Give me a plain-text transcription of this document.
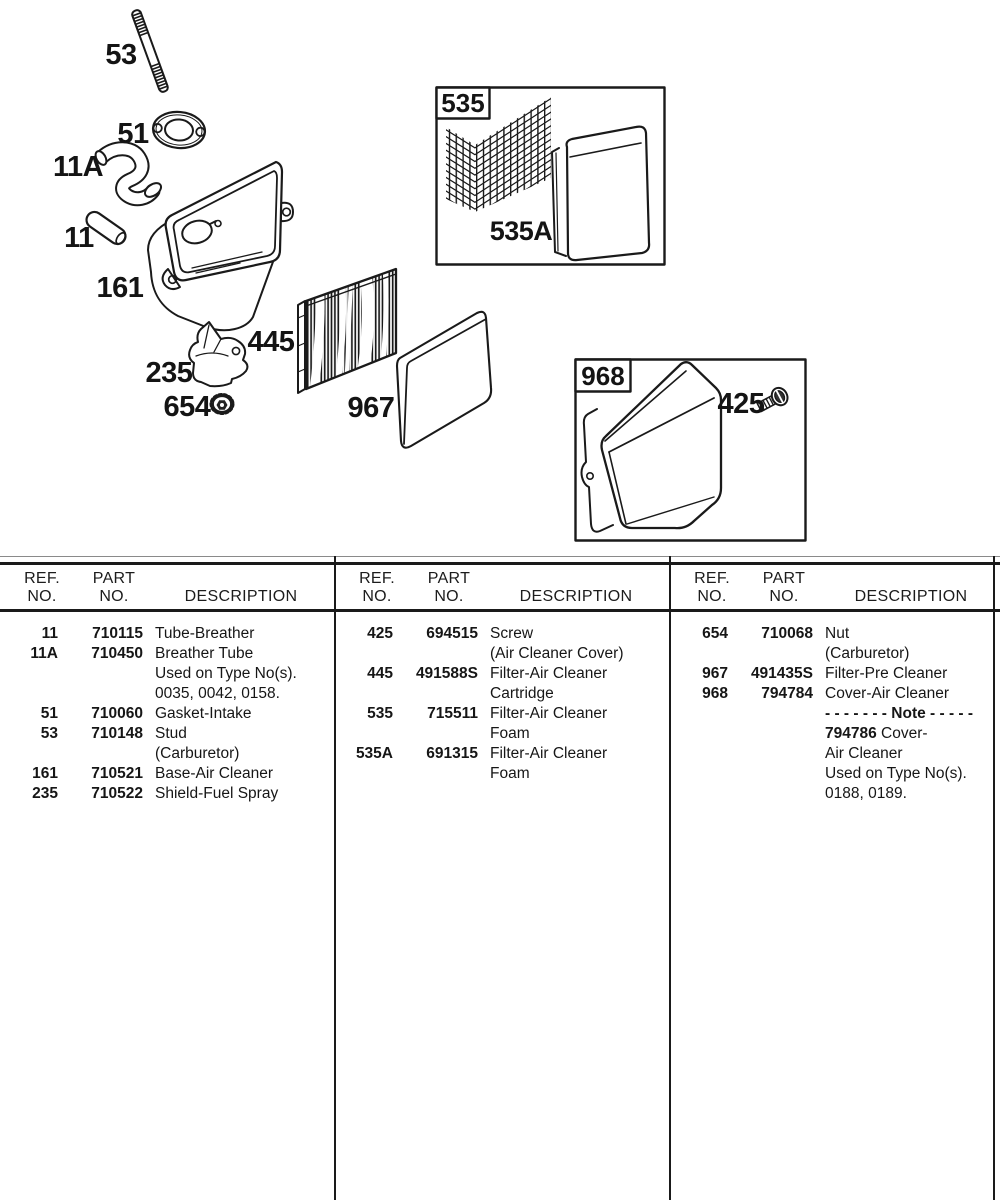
53
51
11A
11
161
235
654
445
967
535
535A
968
425
REF.
NO.
PART
NO.	DESCRIPTION
REF.
NO.
PART
NO.	DESCRIPTION
REF.
NO.
PART
NO.	DESCRIPTION
11	710115 Tube-Breather
11A	710450 Breather Tube
Used on Type No(s).
0035, 0042, 0158.
51	710060 Gasket-Intake
53	710148 Stud
(Carburetor)
161	710521 Base-Air Cleaner
235	710522 Shield-Fuel Spray
425	694515 Screw
(Air Cleaner Cover)
445	491588S Filter-Air Cleaner
Cartridge
535	715511 Filter-Air Cleaner
Foam
535A	691315 Filter-Air Cleaner
Foam
654	710068 Nut
(Carburetor)
967	491435S Filter-Pre Cleaner
968	794784 Cover-Air Cleaner
- - - - - - - Note - - - - -
794786 Cover-
Air Cleaner
Used on Type No(s).
0188, 0189.
